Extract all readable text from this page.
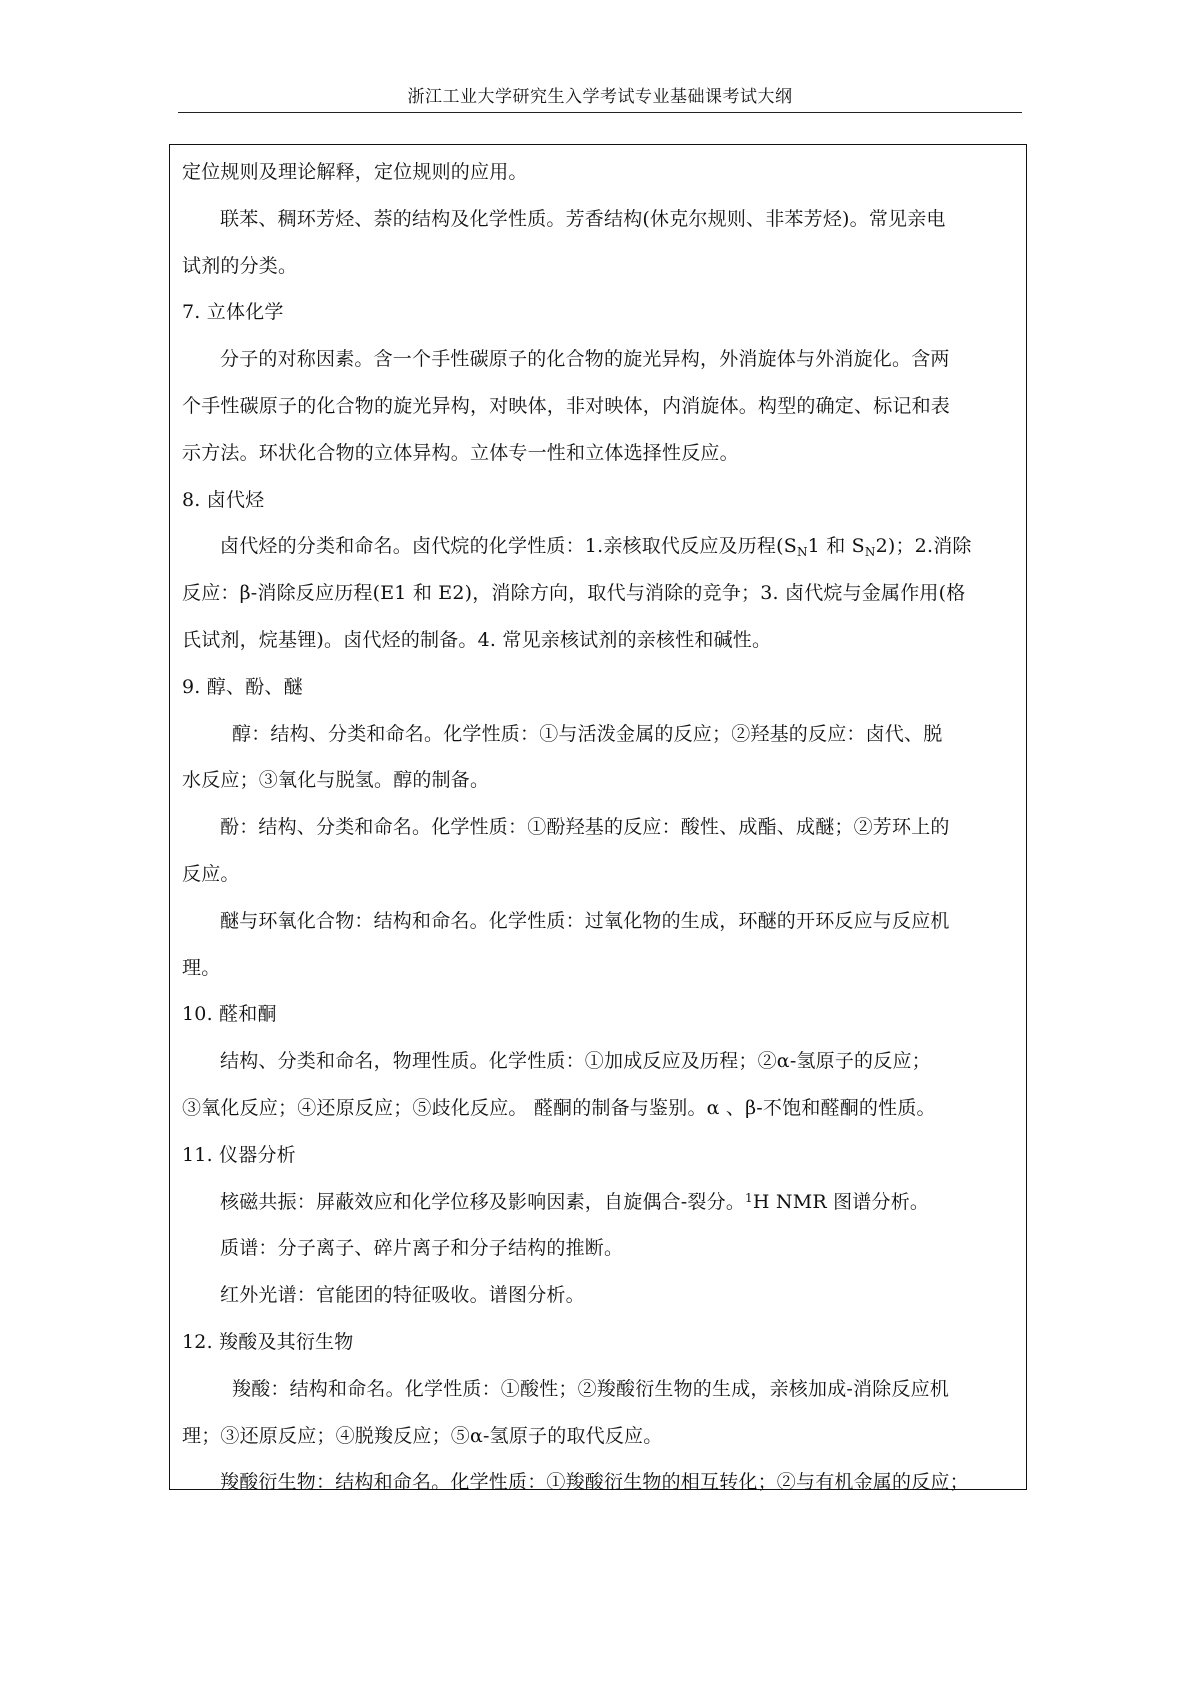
浙江工业大学研究生入学考试专业基础课考试大纲

定位规则及理论解释，定位规则的应用。

联苯、稠环芳烃、萘的结构及化学性质。芳香结构(休克尔规则、非苯芳烃)。常见亲电

试剂的分类。

7. 立体化学

分子的对称因素。含一个手性碳原子的化合物的旋光异构，外消旋体与外消旋化。含两

个手性碳原子的化合物的旋光异构，对映体，非对映体，内消旋体。构型的确定、标记和表

示方法。环状化合物的立体异构。立体专一性和立体选择性反应。

8. 卤代烃

卤代烃的分类和命名。卤代烷的化学性质：1.亲核取代反应及历程($S_N1$ 和 $S_N2$)；2.消除

反应：β-消除反应历程(E1 和 E2)，消除方向，取代与消除的竞争；3. 卤代烷与金属作用(格

氏试剂，烷基锂)。卤代烃的制备。4. 常见亲核试剂的亲核性和碱性。

9. 醇、酚、醚

醇：结构、分类和命名。化学性质：①与活泼金属的反应；②羟基的反应：卤代、脱

水反应；③氧化与脱氢。醇的制备。

酚：结构、分类和命名。化学性质：①酚羟基的反应：酸性、成酯、成醚；②芳环上的

反应。

醚与环氧化合物：结构和命名。化学性质：过氧化物的生成，环醚的开环反应与反应机

理。

10. 醛和酮

结构、分类和命名，物理性质。化学性质：①加成反应及历程；②α-氢原子的反应；

③氧化反应；④还原反应；⑤歧化反应。 醛酮的制备与鉴别。α 、β-不饱和醛酮的性质。

11. 仪器分析

核磁共振：屏蔽效应和化学位移及影响因素，自旋偶合-裂分。$^1$H NMR 图谱分析。

质谱：分子离子、碎片离子和分子结构的推断。

红外光谱：官能团的特征吸收。谱图分析。

12. 羧酸及其衍生物

羧酸：结构和命名。化学性质：①酸性；②羧酸衍生物的生成，亲核加成-消除反应机

理；③还原反应；④脱羧反应；⑤α-氢原子的取代反应。

羧酸衍生物：结构和命名。化学性质：①羧酸衍生物的相互转化；②与有机金属的反应；
